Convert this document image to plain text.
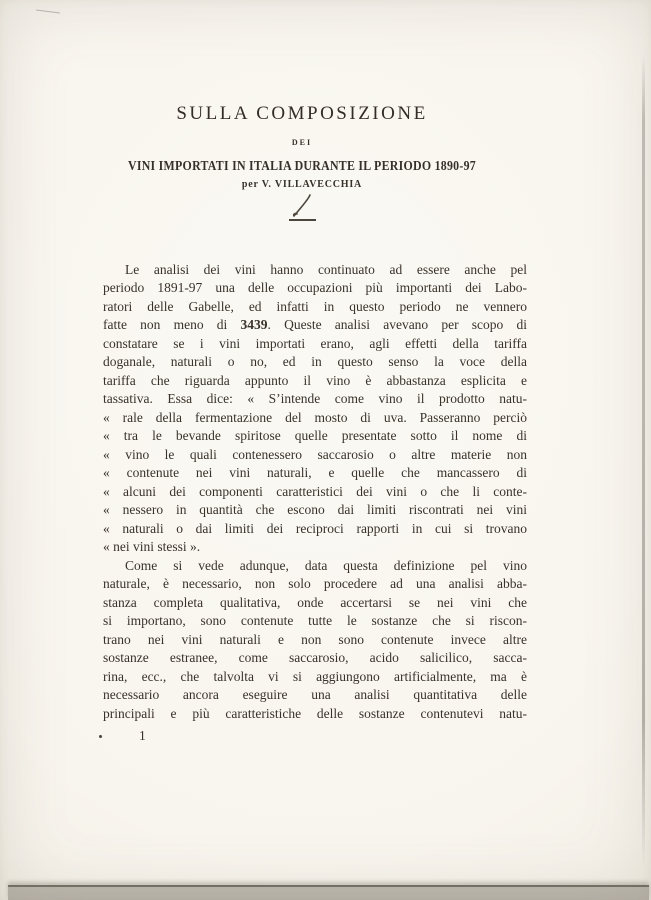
SULLA COMPOSIZIONE
DEI
VINI IMPORTATI IN ITALIA DURANTE IL PERIODO 1890-97
per V. VILLAVECCHIA
Le analisi dei vini hanno continuato ad essere anche pel
periodo 1891-97 una delle occupazioni più importanti dei Labo-
ratori delle Gabelle, ed infatti in questo periodo ne vennero
fatte non meno di 3439. Queste analisi avevano per scopo di
constatare se i vini importati erano, agli effetti della tariffa
doganale, naturali o no, ed in questo senso la voce della
tariffa che riguarda appunto il vino è abbastanza esplicita e
tassativa. Essa dice: « S’intende come vino il prodotto natu-
« rale della fermentazione del mosto di uva. Passeranno perciò
« tra le bevande spiritose quelle presentate sotto il nome di
« vino le quali contenessero saccarosio o altre materie non
« contenute nei vini naturali, e quelle che mancassero di
« alcuni dei componenti caratteristici dei vini o che li conte-
« nessero in quantità che escono dai limiti riscontrati nei vini
« naturali o dai limiti dei reciproci rapporti in cui si trovano
« nei vini stessi ».
Come si vede adunque, data questa definizione pel vino
naturale, è necessario, non solo procedere ad una analisi abba-
stanza completa qualitativa, onde accertarsi se nei vini che
si importano, sono contenute tutte le sostanze che si riscon-
trano nei vini naturali e non sono contenute invece altre
sostanze estranee, come saccarosio, acido salicilico, sacca-
rina, ecc., che talvolta vi si aggiungono artificialmente, ma è
necessario ancora eseguire una analisi quantitativa delle
principali e più caratteristiche delle sostanze contenutevi natu-
1
